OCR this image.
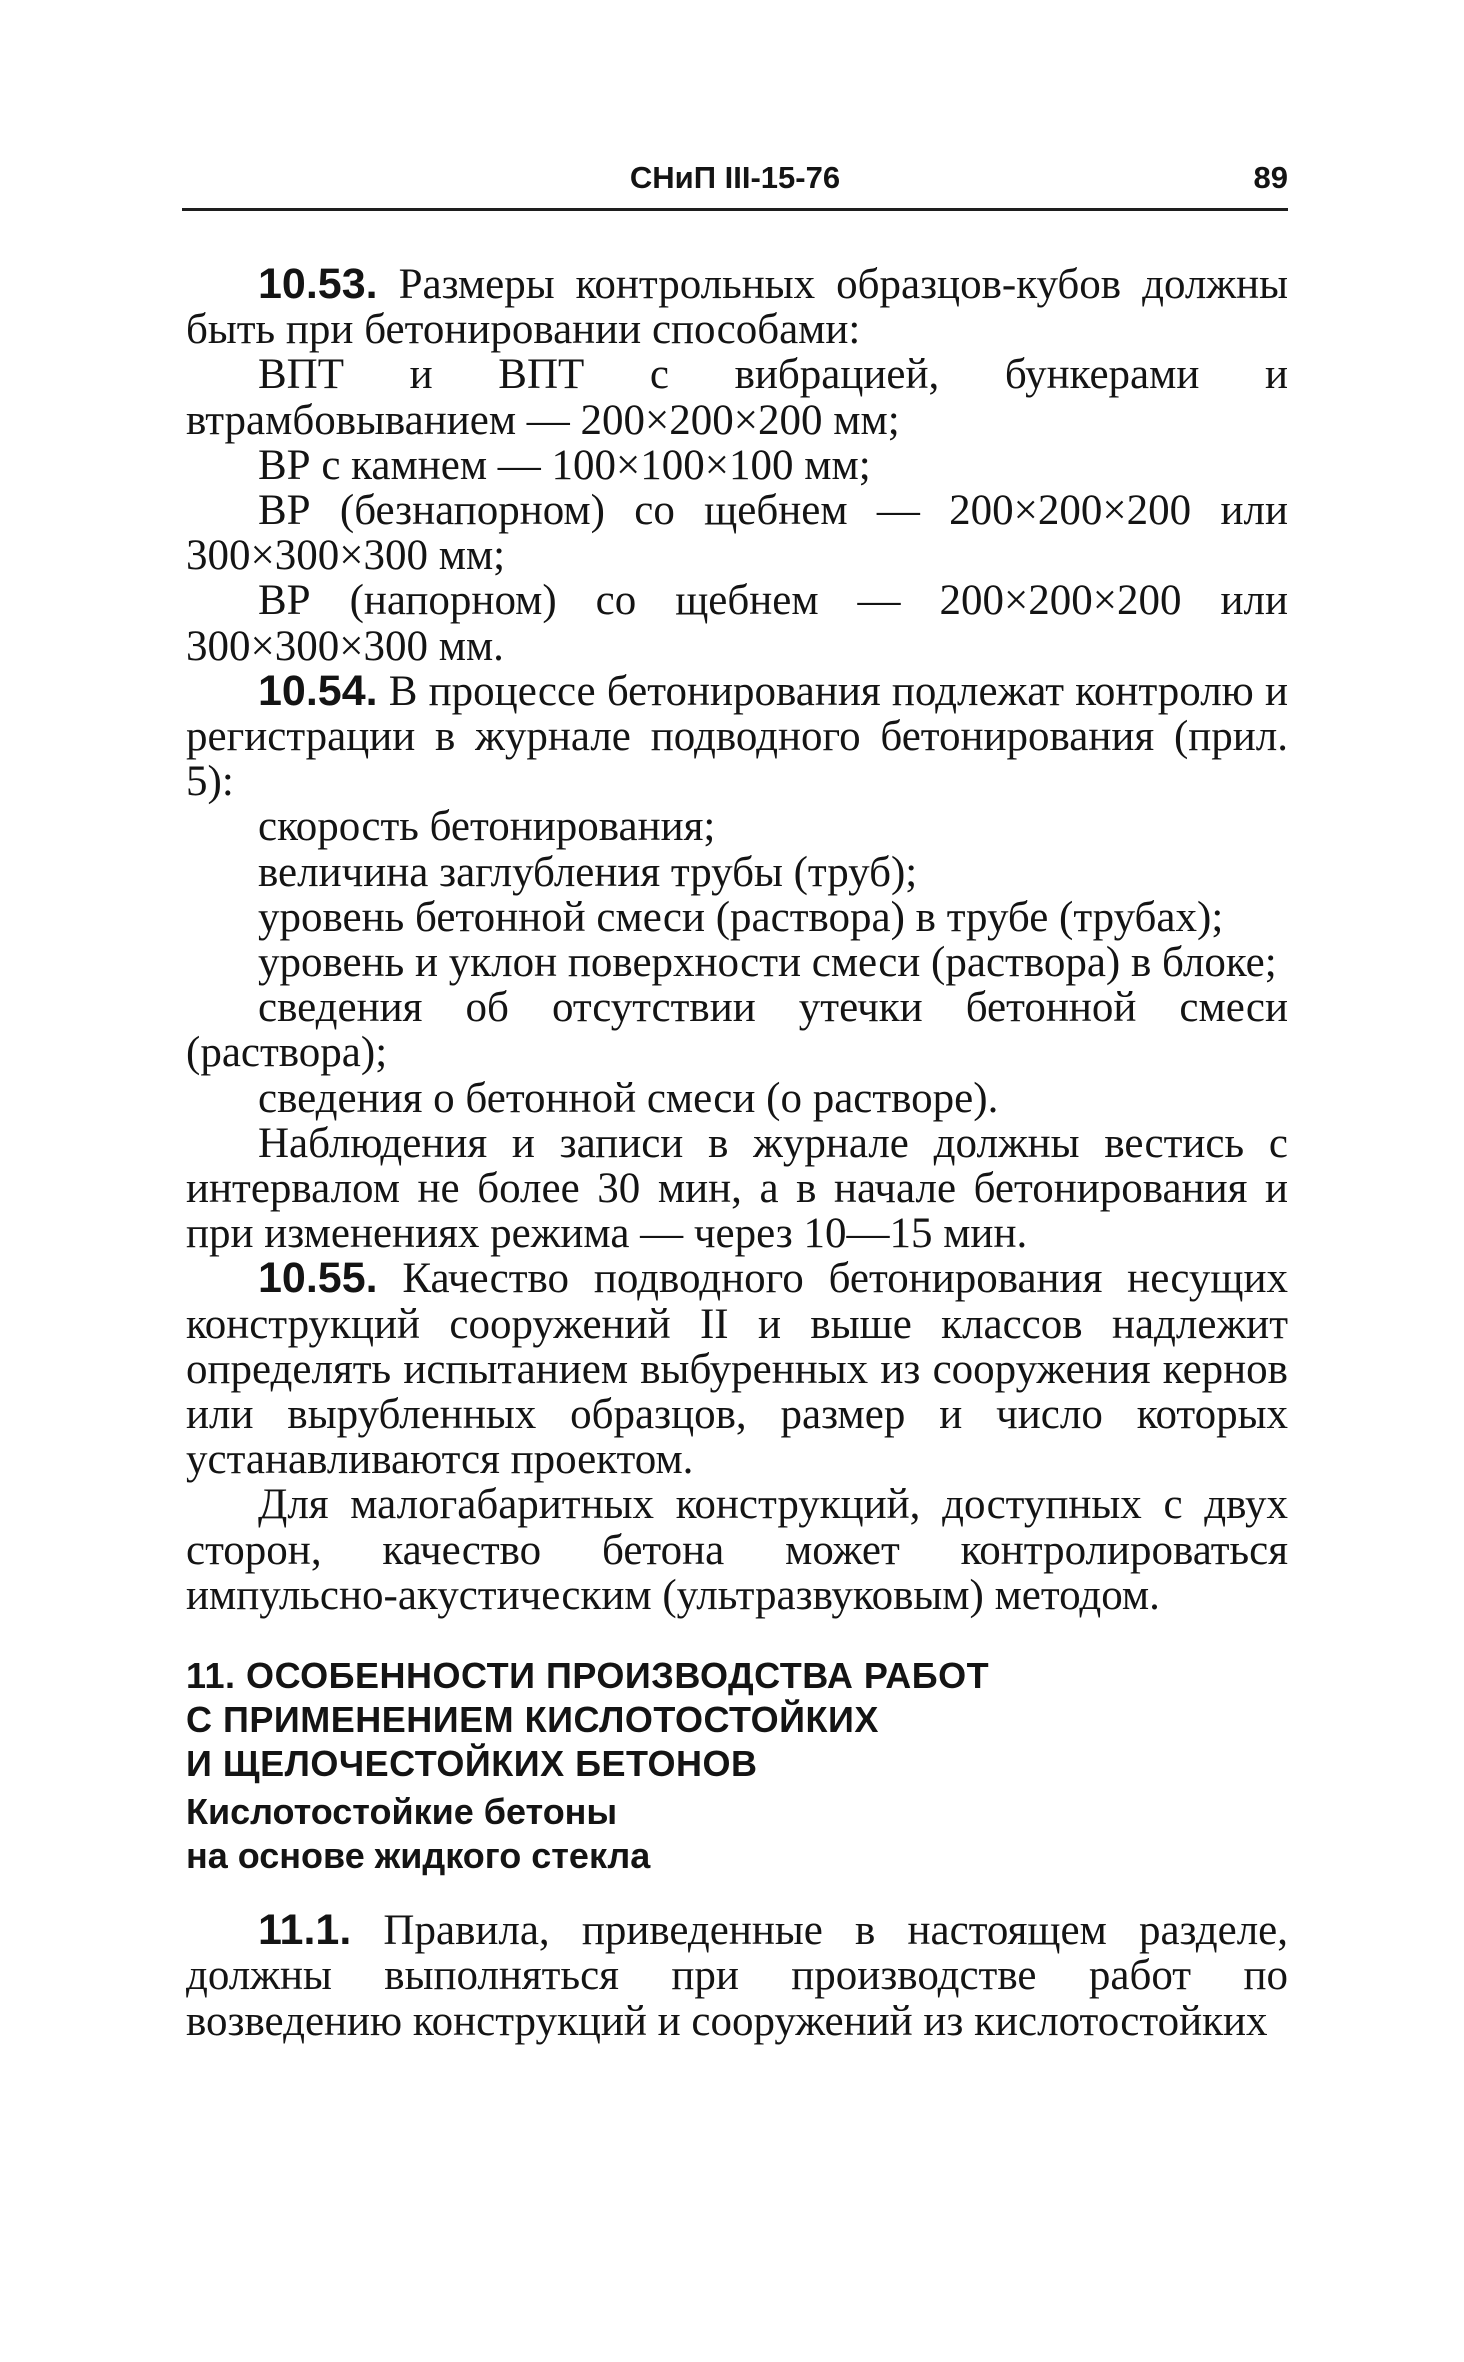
СНиП III-15-76	89

10.53. Размеры контрольных образцов-кубов должны быть при бетонировании способами:

ВПТ и ВПТ с вибрацией, бункерами и втрамбовыванием — 200×200×200 мм;

ВР с камнем — 100×100×100 мм;

ВР (безнапорном) со щебнем — 200×200×200 или 300×300×300 мм;

ВР (напорном) со щебнем — 200×200×200 или 300×300×300 мм.

10.54. В процессе бетонирования подлежат контролю и регистрации в журнале подводного бетонирования (прил. 5):

скорость бетонирования;

величина заглубления трубы (труб);

уровень бетонной смеси (раствора) в трубе (трубах);

уровень и уклон поверхности смеси (раствора) в блоке;

сведения об отсутствии утечки бетонной смеси (раствора);

сведения о бетонной смеси (о растворе).

Наблюдения и записи в журнале должны вестись с интервалом не более 30 мин, а в начале бетонирования и при изменениях режима — через 10—15 мин.

10.55. Качество подводного бетонирования несущих конструкций сооружений II и выше классов надлежит определять испытанием выбуренных из сооружения кернов или вырубленных образцов, размер и число которых устанавливаются проектом.

Для малогабаритных конструкций, доступных с двух сторон, качество бетона может контролироваться импульсно-акустическим (ультразвуковым) методом.

11. ОСОБЕННОСТИ ПРОИЗВОДСТВА РАБОТ
С ПРИМЕНЕНИЕМ КИСЛОТОСТОЙКИХ
И ЩЕЛОЧЕСТОЙКИХ БЕТОНОВ
Кислотостойкие бетоны
на основе жидкого стекла

11.1. Правила, приведенные в настоящем разделе, должны выполняться при производстве работ по возведению конструкций и сооружений из кислотостойких
